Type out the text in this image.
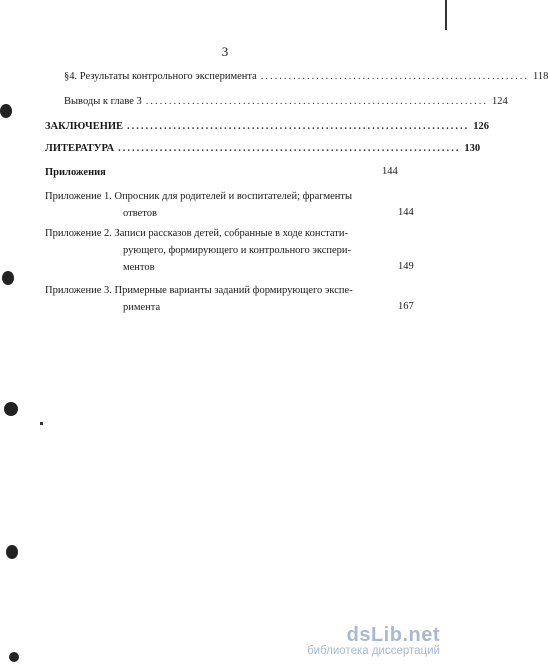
3
§4. Результаты контрольного эксперимента .......................................................... 118
Выводы к главе 3 .......................................................................... 124
ЗАКЛЮЧЕНИЕ .......................................................................... 126
ЛИТЕРАТУРА .......................................................................... 130
Приложения	144
Приложение 1. Опросник для родителей и воспитателей; фрагменты
ответов	144
Приложение 2. Записи рассказов детей, собранные в ходе констати-
рующего, формирующего и контрольного экспери-
ментов	149
Приложение 3. Примерные варианты заданий формирующего экспе-
римента	167
dsLib.net
библиотека диссертаций
